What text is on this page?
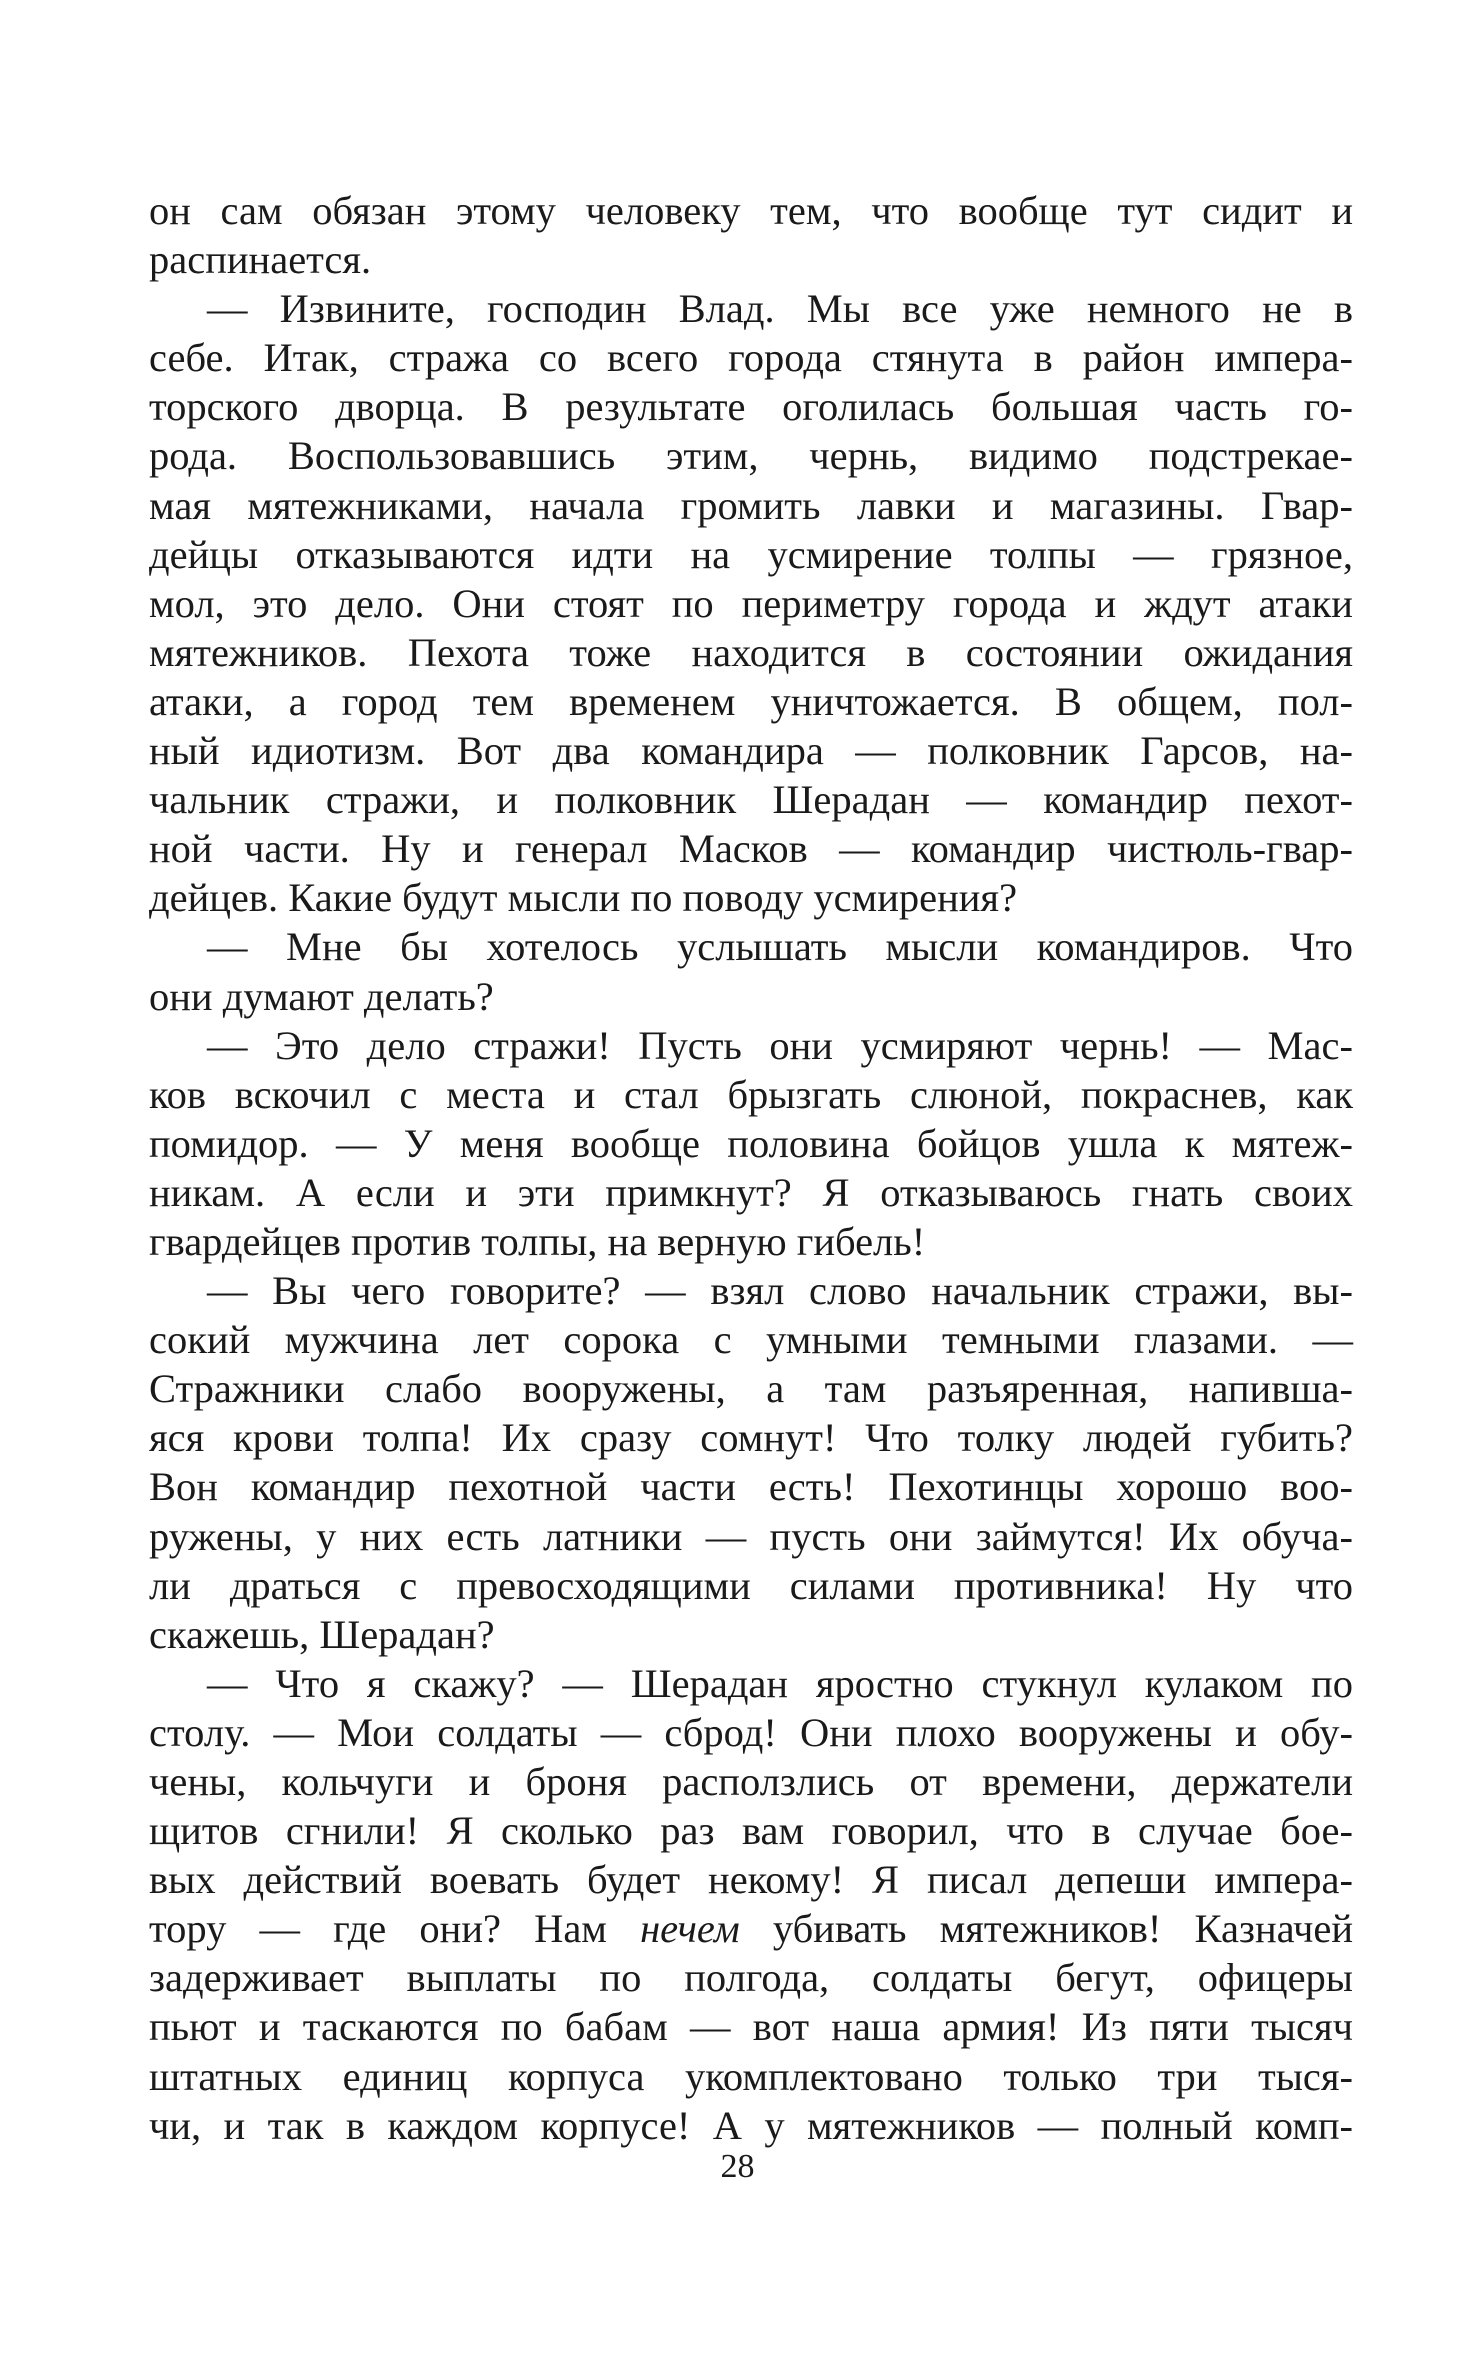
он сам обязан этому человеку тем, что вообще тут сидит и
распинается.
— Извините, господин Влад. Мы все уже немного не в
себе. Итак, стража со всего города стянута в район импера-
торского дворца. В результате оголилась большая часть го-
рода. Воспользовавшись этим, чернь, видимо подстрекае-
мая мятежниками, начала громить лавки и магазины. Гвар-
дейцы отказываются идти на усмирение толпы — грязное,
мол, это дело. Они стоят по периметру города и ждут атаки
мятежников. Пехота тоже находится в состоянии ожидания
атаки, а город тем временем уничтожается. В общем, пол-
ный идиотизм. Вот два командира — полковник Гарсов, на-
чальник стражи, и полковник Шерадан — командир пехот-
ной части. Ну и генерал Масков — командир чистюль-гвар-
дейцев. Какие будут мысли по поводу усмирения?
— Мне бы хотелось услышать мысли командиров. Что
они думают делать?
— Это дело стражи! Пусть они усмиряют чернь! — Мас-
ков вскочил с места и стал брызгать слюной, покраснев, как
помидор. — У меня вообще половина бойцов ушла к мятеж-
никам. А если и эти примкнут? Я отказываюсь гнать своих
гвардейцев против толпы, на верную гибель!
— Вы чего говорите? — взял слово начальник стражи, вы-
сокий мужчина лет сорока с умными темными глазами. —
Стражники слабо вооружены, а там разъяренная, напивша-
яся крови толпа! Их сразу сомнут! Что толку людей губить?
Вон командир пехотной части есть! Пехотинцы хорошо воо-
ружены, у них есть латники — пусть они займутся! Их обуча-
ли драться с превосходящими силами противника! Ну что
скажешь, Шерадан?
— Что я скажу? — Шерадан яростно стукнул кулаком по
столу. — Мои солдаты — сброд! Они плохо вооружены и обу-
чены, кольчуги и броня расползлись от времени, держатели
щитов сгнили! Я сколько раз вам говорил, что в случае бое-
вых действий воевать будет некому! Я писал депеши импера-
тору — где они? Нам нечем убивать мятежников! Казначей
задерживает выплаты по полгода, солдаты бегут, офицеры
пьют и таскаются по бабам — вот наша армия! Из пяти тысяч
штатных единиц корпуса укомплектовано только три тыся-
чи, и так в каждом корпусе! А у мятежников — полный комп-
28
